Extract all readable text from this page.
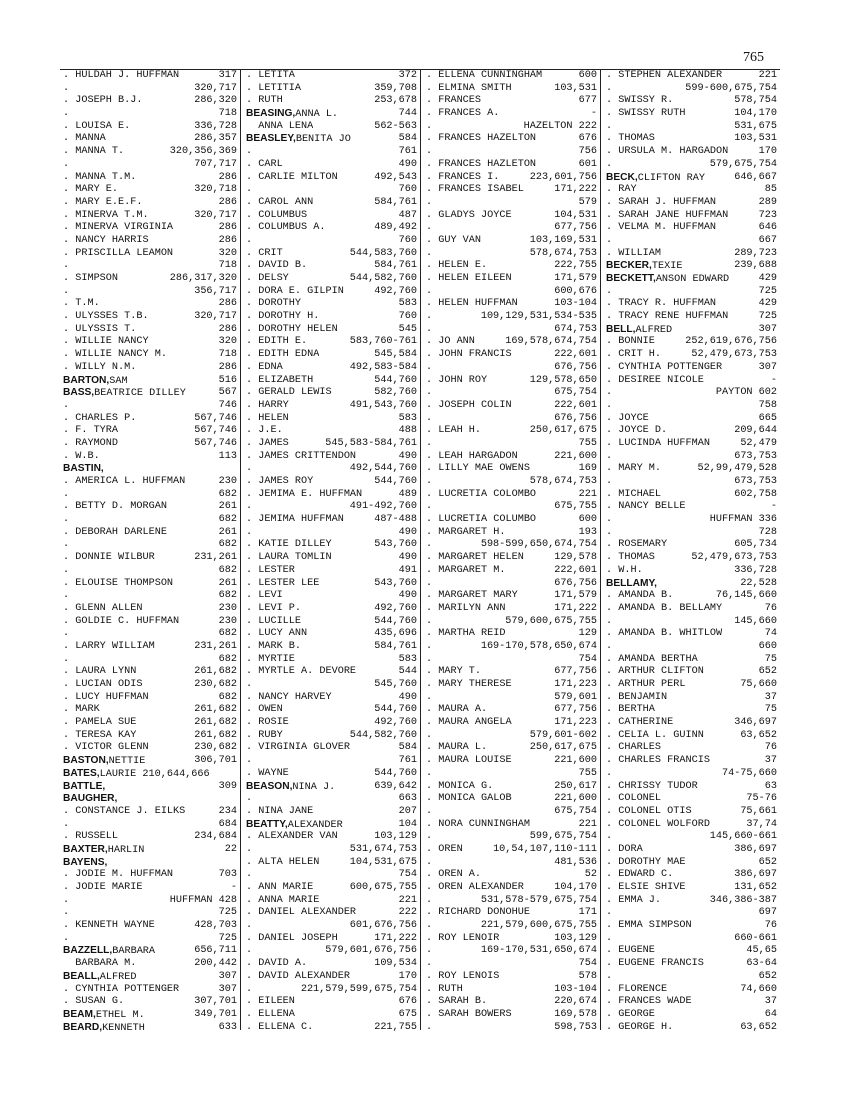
765
. HULDAH J. HUFFMAN	317
.	320,717
. JOSEPH B.J.	286,320
.	718
. LOUISA E.	336,728
. MANNA	286,357
. MANNA T.	320,356,369
.	707,717
. MANNA T.M.	286
. MARY E.	320,718
. MARY E.E.F.	286
. MINERVA T.M.	320,717
. MINERVA VIRGINIA	286
. NANCY HARRIS	286
. PRISCILLA LEAMON	320
.	718
. SIMPSON	286,317,320
.	356,717
. T.M.	286
. ULYSSES T.B.	320,717
. ULYSSIS T.	286
. WILLIE NANCY	320
. WILLIE NANCY M.	718
. WILLY N.M.	286
BARTON,SAM	516
BASS,BEATRICE DILLEY	567
.	746
. CHARLES P.	567,746
. F. TYRA	567,746
. RAYMOND	567,746
. W.B.	113
BASTIN,
. AMERICA L. HUFFMAN	230
.	682
. BETTY D. MORGAN	261
.	682
. DEBORAH DARLENE	261
.	682
. DONNIE WILBUR	231,261
.	682
. ELOUISE THOMPSON	261
.	682
. GLENN ALLEN	230
. GOLDIE C. HUFFMAN	230
.	682
. LARRY WILLIAM	231,261
.	682
. LAURA LYNN	261,682
. LUCIAN ODIS	230,682
. LUCY HUFFMAN	682
. MARK	261,682
. PAMELA SUE	261,682
. TERESA KAY	261,682
. VICTOR GLENN	230,682
BASTON,NETTIE	306,701
BATES,LAURIE 210,644,666
BATTLE,	309
BAUGHER,
. CONSTANCE J. EILKS	234
.	684
. RUSSELL	234,684
BAXTER,HARLIN	22
BAYENS,
. JODIE M. HUFFMAN	703
. JODIE MARIE	-
.	HUFFMAN 428
.	725
. KENNETH WAYNE	428,703
.	725
BAZZELL,BARBARA	656,711
BARBARA M.	200,442
BEALL,ALFRED	307
. CYNTHIA POTTENGER	307
. SUSAN G.	307,701
BEAM,ETHEL M.	349,701
BEARD,KENNETH	633
. LETITA	372
. LETITIA	359,708
. RUTH	253,678
BEASING,ANNA L.	744
ANNA LENA	562-563
BEASLEY,BENITA JO	584
.	761
. CARL	490
. CARLIE MILTON	492,543
.	760
. CAROL ANN	584,761
. COLUMBUS	487
. COLUMBUS A.	489,492
.	760
. CRIT	544,583,760
. DAVID B.	584,761
. DELSY	544,582,760
. DORA E. GILPIN	492,760
. DOROTHY	583
. DOROTHY H.	760
. DOROTHY HELEN	545
. EDITH E.	583,760-761
. EDITH EDNA	545,584
. EDNA	492,583-584
. ELIZABETH	544,760
. GERALD LEWIS	582,760
. HARRY	491,543,760
. HELEN	583
. J.E.	488
. JAMES	545,583-584,761
. JAMES CRITTENDON	490
.	492,544,760
. JAMES ROY	544,760
. JEMIMA E. HUFFMAN	489
.	491-492,760
. JEMIMA HUFFMAN	487-488
.	490
. KATIE DILLEY	543,760
. LAURA TOMLIN	490
. LESTER	491
. LESTER LEE	543,760
. LEVI	490
. LEVI P.	492,760
. LUCILLE	544,760
. LUCY ANN	435,696
. MARK B.	584,761
. MYRTIE	583
. MYRTLE A. DEVORE	544
.	545,760
. NANCY HARVEY	490
. OWEN	544,760
. ROSIE	492,760
. RUBY	544,582,760
. VIRGINIA GLOVER	584
.	761
. WAYNE	544,760
BEASON,NINA J.	639,642
.	663
. NINA JANE	207
BEATTY,ALEXANDER	104
. ALEXANDER VAN	103,129
.	531,674,753
. ALTA HELEN	104,531,675
.	754
. ANN MARIE	600,675,755
. ANNA MARIE	221
. DANIEL ALEXANDER	222
.	601,676,756
. DANIEL JOSEPH	171,222
.	579,601,676,756
. DAVID A.	109,534
. DAVID ALEXANDER	170
.	221,579,599,675,754
. EILEEN	676
. ELLENA	675
. ELLENA C.	221,755
. ELLENA CUNNINGHAM	600
. ELMINA SMITH	103,531
. FRANCES	677
. FRANCES A.	-
.	HAZELTON 222
. FRANCES HAZELTON	676
.	756
. FRANCES HAZLETON	601
. FRANCES I.	223,601,756
. FRANCES ISABEL	171,222
.	579
. GLADYS JOYCE	104,531
.	677,756
. GUY VAN	103,169,531
.	578,674,753
. HELEN E.	222,755
. HELEN EILEEN	171,579
.	600,676
. HELEN HUFFMAN	103-104
.	109,129,531,534-535
.	674,753
. JO ANN	169,578,674,754
. JOHN FRANCIS	222,601
.	676,756
. JOHN ROY	129,578,650
.	675,754
. JOSEPH COLIN	222,601
.	676,756
. LEAH H.	250,617,675
.	755
. LEAH HARGADON	221,600
. LILLY MAE OWENS	169
.	578,674,753
. LUCRETIA COLOMBO	221
.	675,755
. LUCRETIA COLUMBO	600
. MARGARET H.	193
.	598-599,650,674,754
. MARGARET HELEN	129,578
. MARGARET M.	222,601
.	676,756
. MARGARET MARY	171,579
. MARILYN ANN	171,222
.	579,600,675,755
. MARTHA REID	129
.	169-170,578,650,674
.	754
. MARY T.	677,756
. MARY THERESE	171,223
.	579,601
. MAURA A.	677,756
. MAURA ANGELA	171,223
.	579,601-602
. MAURA L.	250,617,675
. MAURA LOUISE	221,600
.	755
. MONICA G.	250,617
. MONICA GALOB	221,600
.	675,754
. NORA CUNNINGHAM	221
.	599,675,754
. OREN	10,54,107,110-111
.	481,536
. OREN A.	52
. OREN ALEXANDER	104,170
.	531,578-579,675,754
. RICHARD DONOHUE	171
.	221,579,600,675,755
. ROY LENOIR	103,129
.	169-170,531,650,674
.	754
. ROY LENOIS	578
. RUTH	103-104
. SARAH B.	220,674
. SARAH BOWERS	169,578
.	598,753
. STEPHEN ALEXANDER	221
.	599-600,675,754
. SWISSY R.	578,754
. SWISSY RUTH	104,170
.	531,675
. THOMAS	103,531
. URSULA M. HARGADON	170
.	579,675,754
BECK,CLIFTON RAY	646,667
. RAY	85
. SARAH J. HUFFMAN	289
. SARAH JANE HUFFMAN	723
. VELMA M. HUFFMAN	646
.	667
. WILLIAM	289,723
BECKER,TEXIE	239,688
BECKETT,ANSON EDWARD	429
.	725
. TRACY R. HUFFMAN	429
. TRACY RENE HUFFMAN	725
BELL,ALFRED	307
. BONNIE	252,619,676,756
. CRIT H.	52,479,673,753
. CYNTHIA POTTENGER	307
. DESIREE NICOLE	-
.	PAYTON 602
.	758
. JOYCE	665
. JOYCE D.	209,644
. LUCINDA HUFFMAN	52,479
.	673,753
. MARY M.	52,99,479,528
.	673,753
. MICHAEL	602,758
. NANCY BELLE	-
.	HUFFMAN 336
.	728
. ROSEMARY	605,734
. THOMAS	52,479,673,753
. W.H.	336,728
BELLAMY,	22,528
. AMANDA B.	76,145,660
. AMANDA B. BELLAMY	76
.	145,660
. AMANDA B. WHITLOW	74
.	660
. AMANDA BERTHA	75
. ARTHUR CLIFTON	652
. ARTHUR PERL	75,660
. BENJAMIN	37
. BERTHA	75
. CATHERINE	346,697
. CELIA L. GUINN	63,652
. CHARLES	76
. CHARLES FRANCIS	37
.	74-75,660
. CHRISSY TUDOR	63
. COLONEL	75-76
. COLONEL OTIS	75,661
. COLONEL WOLFORD	37,74
.	145,660-661
. DORA	386,697
. DOROTHY MAE	652
. EDWARD C.	386,697
. ELSIE SHIVE	131,652
. EMMA J.	346,386-387
.	697
. EMMA SIMPSON	76
.	660-661
. EUGENE	45,65
. EUGENE FRANCIS	63-64
.	652
. FLORENCE	74,660
. FRANCES WADE	37
. GEORGE	64
. GEORGE H.	63,652
